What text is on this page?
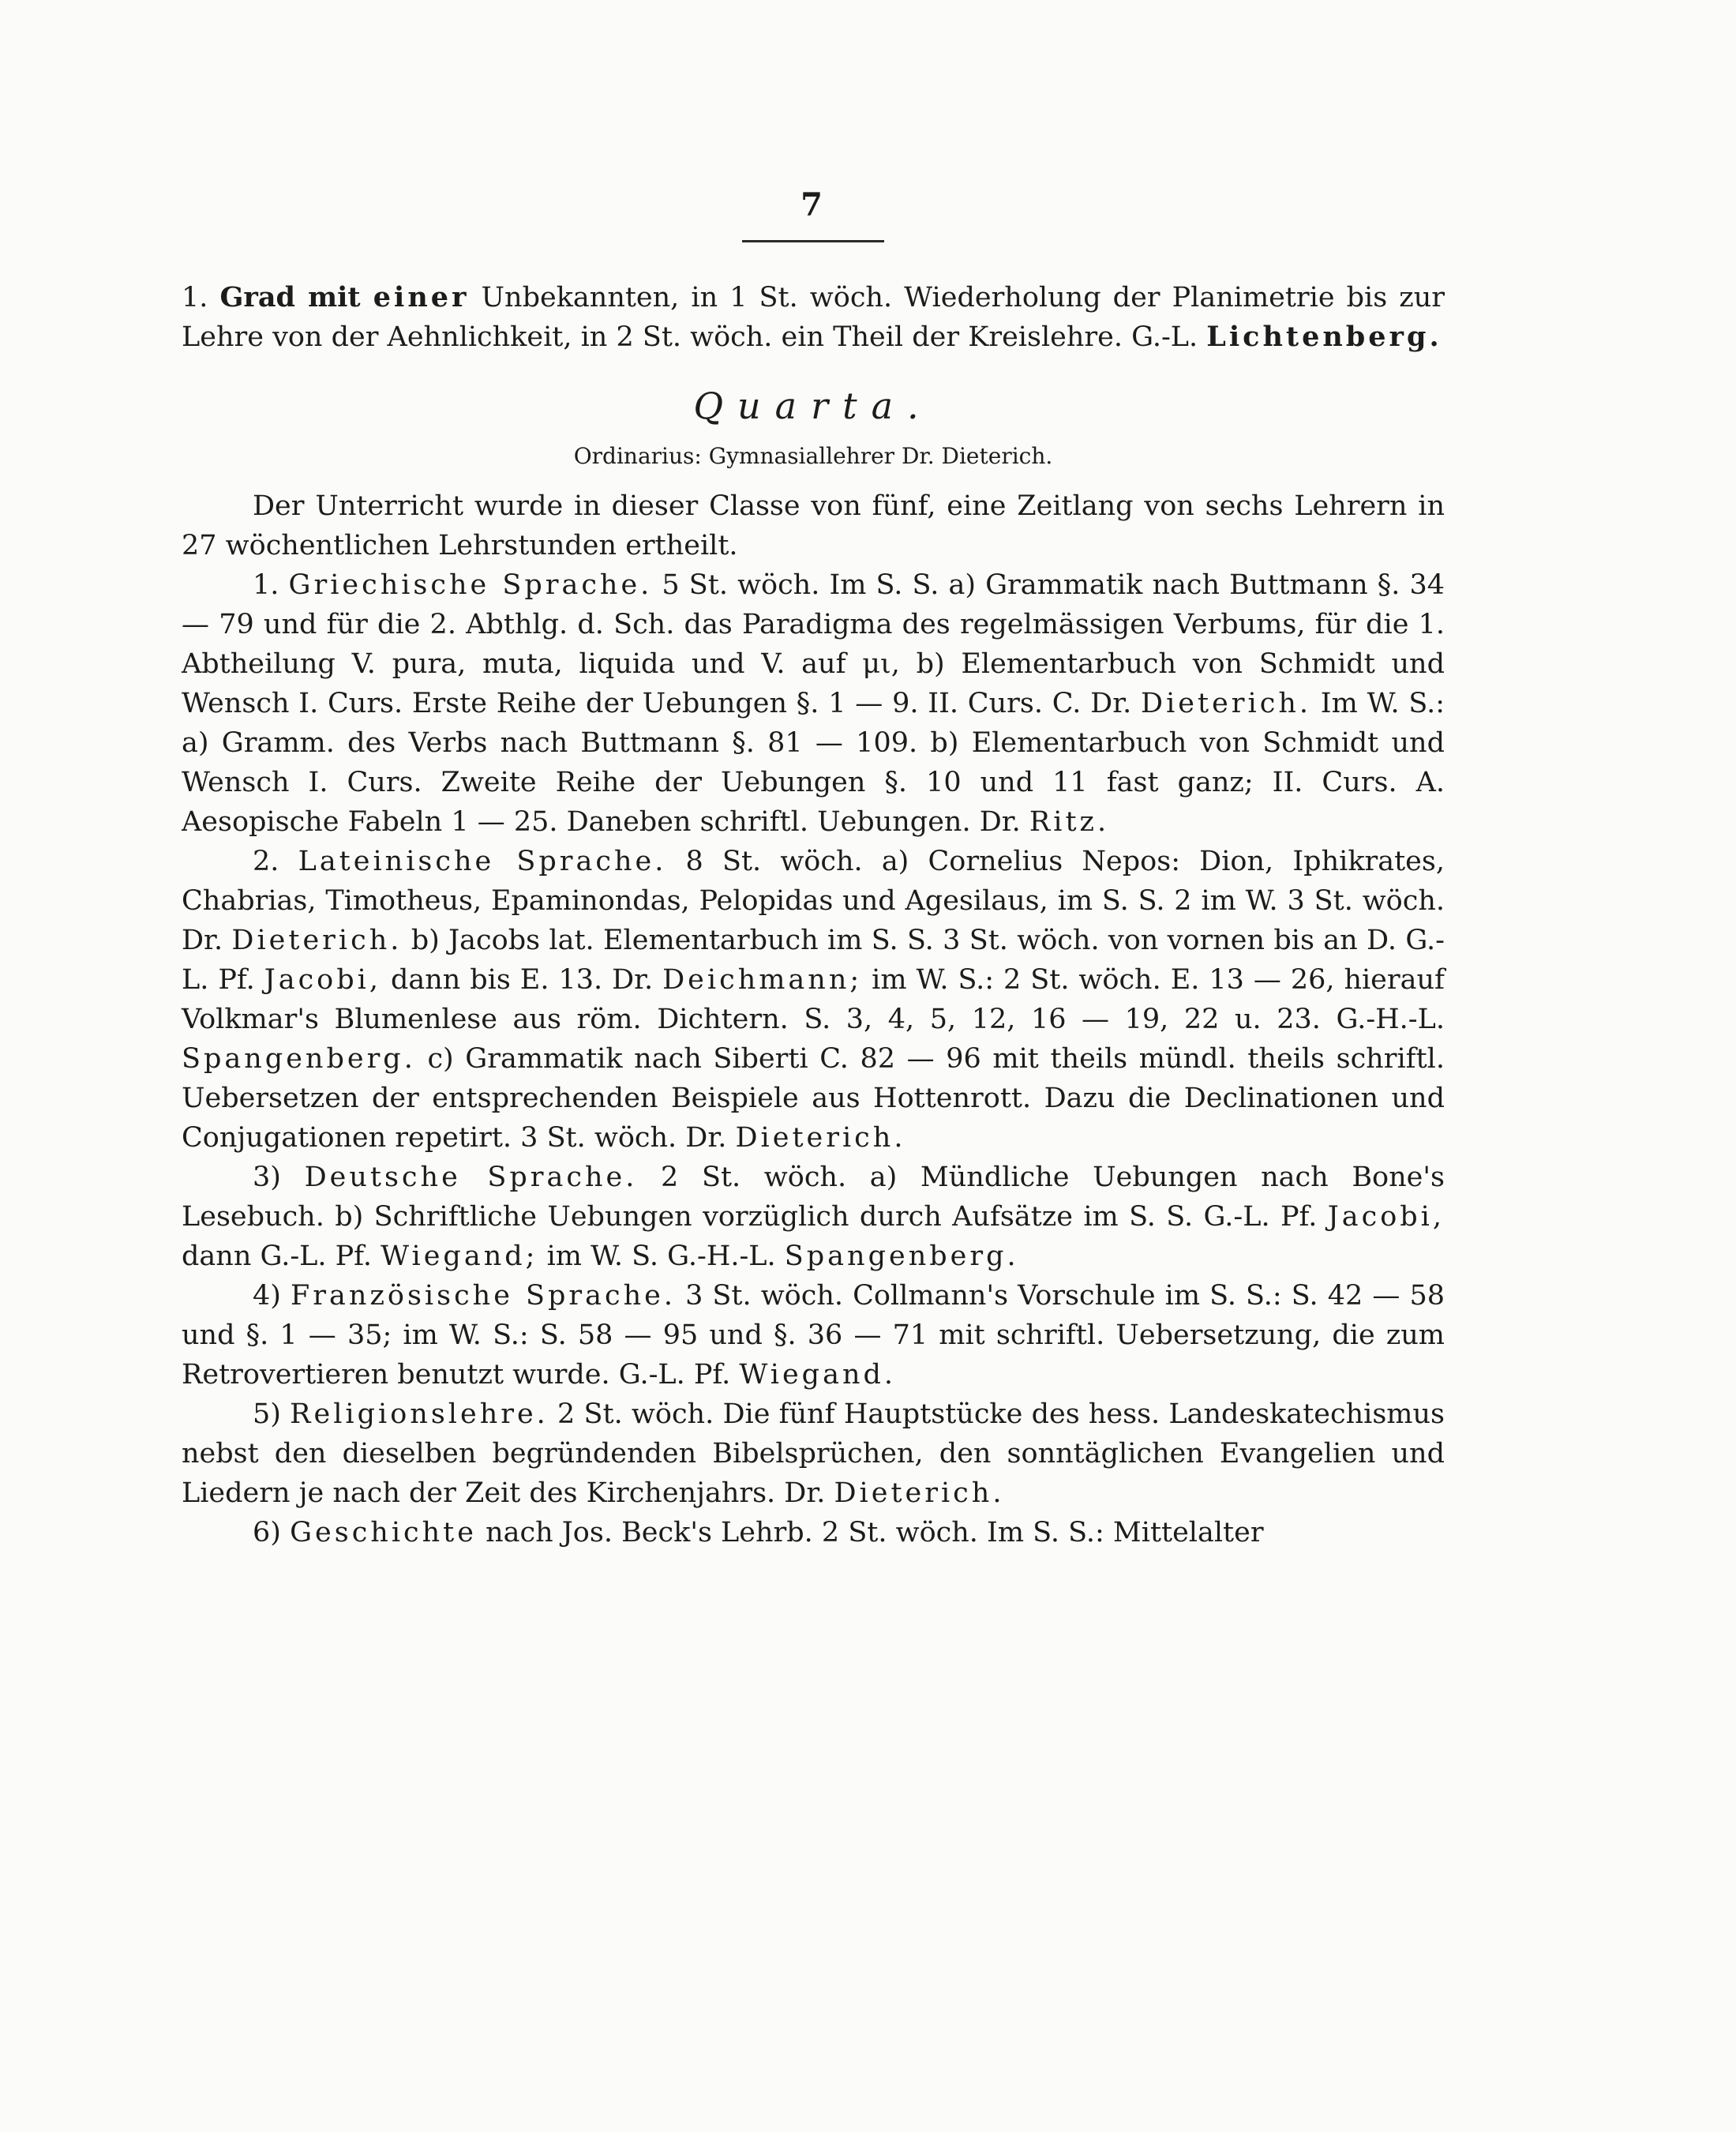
7

1. Grad mit einer Unbekannten, in 1 St. wöch. Wiederholung der Planimetrie bis zur Lehre von der Aehnlichkeit, in 2 St. wöch. ein Theil der Kreislehre. G.-L. Lichtenberg.

Quarta.

Ordinarius: Gymnasiallehrer Dr. Dieterich.

Der Unterricht wurde in dieser Classe von fünf, eine Zeitlang von sechs Lehrern in 27 wöchentlichen Lehrstunden ertheilt.

1. Griechische Sprache. 5 St. wöch. Im S. S. a) Grammatik nach Buttmann §. 34 — 79 und für die 2. Abthlg. d. Sch. das Paradigma des regelmässigen Verbums, für die 1. Abtheilung V. pura, muta, liquida und V. auf μι, b) Elementarbuch von Schmidt und Wensch I. Curs. Erste Reihe der Uebungen §. 1 — 9. II. Curs. C. Dr. Dieterich. Im W. S.: a) Gramm. des Verbs nach Buttmann §. 81 — 109. b) Elementarbuch von Schmidt und Wensch I. Curs. Zweite Reihe der Uebungen §. 10 und 11 fast ganz; II. Curs. A. Aesopische Fabeln 1 — 25. Daneben schriftl. Uebungen. Dr. Ritz.

2. Lateinische Sprache. 8 St. wöch. a) Cornelius Nepos: Dion, Iphikrates, Chabrias, Timotheus, Epaminondas, Pelopidas und Agesilaus, im S. S. 2 im W. 3 St. wöch. Dr. Dieterich. b) Jacobs lat. Elementarbuch im S. S. 3 St. wöch. von vornen bis an D. G.-L. Pf. Jacobi, dann bis E. 13. Dr. Deichmann; im W. S.: 2 St. wöch. E. 13 — 26, hierauf Volkmar's Blumenlese aus röm. Dichtern. S. 3, 4, 5, 12, 16 — 19, 22 u. 23. G.-H.-L. Spangenberg. c) Grammatik nach Siberti C. 82 — 96 mit theils mündl. theils schriftl. Uebersetzen der entsprechenden Beispiele aus Hottenrott. Dazu die Declinationen und Conjugationen repetirt. 3 St. wöch. Dr. Dieterich.

3) Deutsche Sprache. 2 St. wöch. a) Mündliche Uebungen nach Bone's Lesebuch. b) Schriftliche Uebungen vorzüglich durch Aufsätze im S. S. G.-L. Pf. Jacobi, dann G.-L. Pf. Wiegand; im W. S. G.-H.-L. Spangenberg.

4) Französische Sprache. 3 St. wöch. Collmann's Vorschule im S. S.: S. 42 — 58 und §. 1 — 35; im W. S.: S. 58 — 95 und §. 36 — 71 mit schriftl. Uebersetzung, die zum Retrovertieren benutzt wurde. G.-L. Pf. Wiegand.

5) Religionslehre. 2 St. wöch. Die fünf Hauptstücke des hess. Landeskatechismus nebst den dieselben begründenden Bibelsprüchen, den sonntäglichen Evangelien und Liedern je nach der Zeit des Kirchenjahrs. Dr. Dieterich.

6) Geschichte nach Jos. Beck's Lehrb. 2 St. wöch. Im S. S.: Mittelalter
